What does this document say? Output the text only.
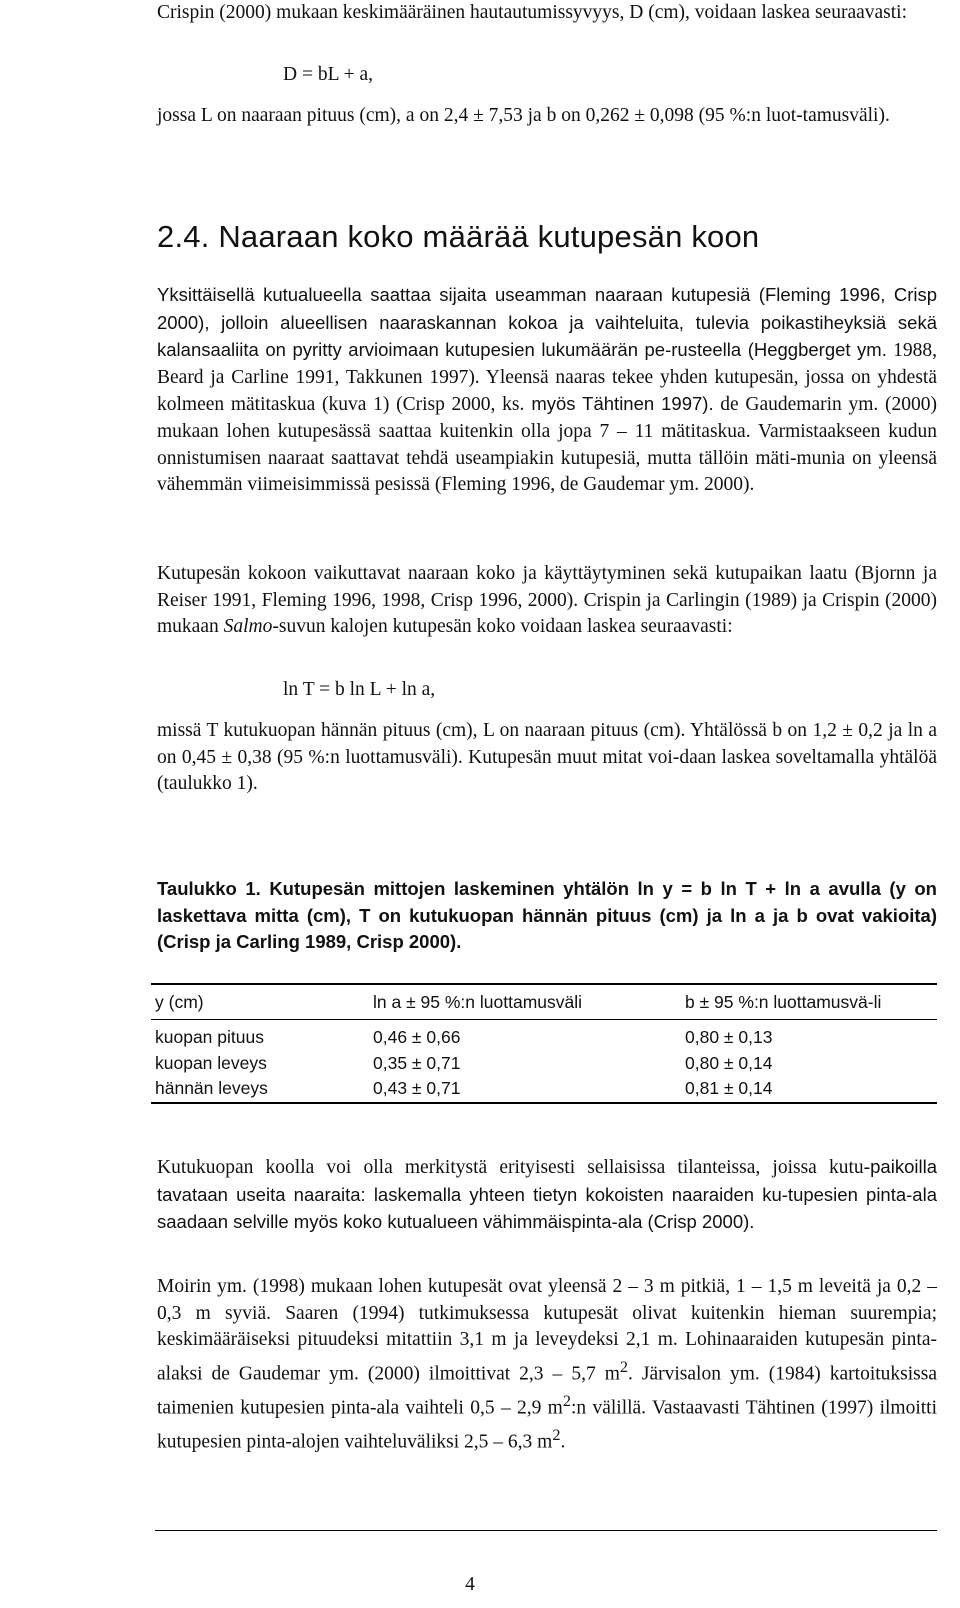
Crispin (2000) mukaan keskimääräinen hautautumissyvyys, D (cm), voidaan laskea seuraavasti:

D = bL + a,

jossa L on naaraan pituus (cm), a on 2,4 ± 7,53 ja b on 0,262 ± 0,098 (95 %:n luot-tamusväli).

2.4. Naaraan koko määrää kutupesän koon

Yksittäisellä kutualueella saattaa sijaita useamman naaraan kutupesiä (Fleming 1996, Crisp 2000), jolloin alueellisen naaraskannan kokoa ja vaihteluita, tulevia poikastiheyksiä sekä kalansaaliita on pyritty arvioimaan kutupesien lukumäärän pe-rusteella (Heggberget ym. 1988, Beard ja Carline 1991, Takkunen 1997). Yleensä naaras tekee yhden kutupesän, jossa on yhdestä kolmeen mätitaskua (kuva 1) (Crisp 2000, ks. myös Tähtinen 1997). de Gaudemarin ym. (2000) mukaan lohen kutupesässä saattaa kuitenkin olla jopa 7 – 11 mätitaskua. Varmistaakseen kudun onnistumisen naaraat saattavat tehdä useampiakin kutupesiä, mutta tällöin mäti-munia on yleensä vähemmän viimeisimmissä pesissä (Fleming 1996, de Gaudemar ym. 2000).

Kutupesän kokoon vaikuttavat naaraan koko ja käyttäytyminen sekä kutupaikan laatu (Bjornn ja Reiser 1991, Fleming 1996, 1998, Crisp 1996, 2000). Crispin ja Carlingin (1989) ja Crispin (2000) mukaan Salmo-suvun kalojen kutupesän koko voidaan laskea seuraavasti:

ln T = b ln L + ln a,

missä T kutukuopan hännän pituus (cm), L on naaraan pituus (cm). Yhtälössä b on 1,2 ± 0,2 ja ln a on 0,45 ± 0,38 (95 %:n luottamusväli). Kutupesän muut mitat voi-daan laskea soveltamalla yhtälöä (taulukko 1).

Taulukko 1. Kutupesän mittojen laskeminen yhtälön ln y = b ln T + ln a avulla (y on laskettava mitta (cm), T on kutukuopan hännän pituus (cm) ja ln a ja b ovat vakioita) (Crisp ja Carling 1989, Crisp 2000).

y (cm)	ln a ± 95 %:n luottamusväli	b ± 95 %:n luottamusvä-li
kuopan pituus	0,46 ± 0,66	0,80 ± 0,13
kuopan leveys	0,35 ± 0,71	0,80 ± 0,14
hännän leveys	0,43 ± 0,71	0,81 ± 0,14

Kutukuopan koolla voi olla merkitystä erityisesti sellaisissa tilanteissa, joissa kutu-paikoilla tavataan useita naaraita: laskemalla yhteen tietyn kokoisten naaraiden ku-tupesien pinta-ala saadaan selville myös koko kutualueen vähimmäispinta-ala (Crisp 2000).

Moirin ym. (1998) mukaan lohen kutupesät ovat yleensä 2 – 3 m pitkiä, 1 – 1,5 m leveitä ja 0,2 – 0,3 m syviä. Saaren (1994) tutkimuksessa kutupesät olivat kuitenkin hieman suurempia; keskimääräiseksi pituudeksi mitattiin 3,1 m ja leveydeksi 2,1 m. Lohinaaraiden kutupesän pinta-alaksi de Gaudemar ym. (2000) ilmoittivat 2,3 – 5,7 $m^2$. Järvisalon ym. (1984) kartoituksissa taimenien kutupesien pinta-ala vaihteli 0,5 – 2,9 $m^2:n$ välillä. Vastaavasti Tähtinen (1997) ilmoitti kutupesien pinta-alojen vaihteluväliksi 2,5 – 6,3 $m^2$.

4
